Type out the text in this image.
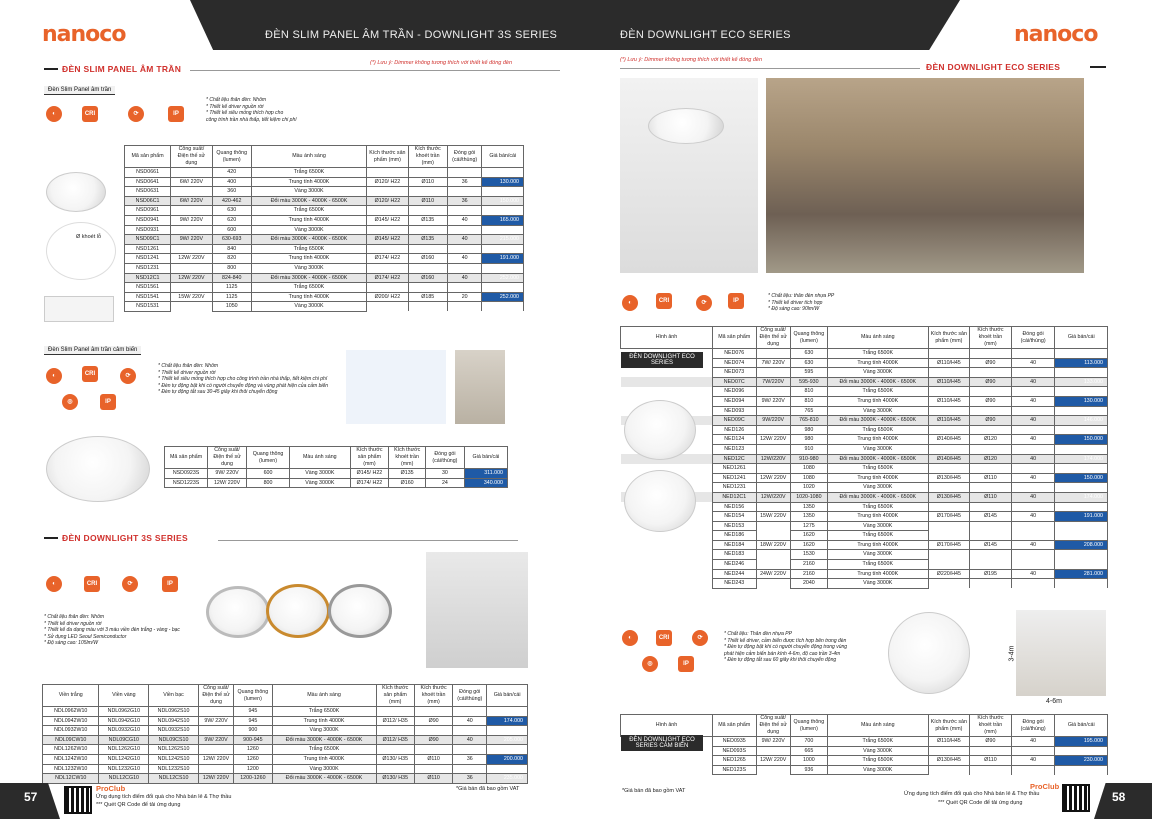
nanoco	nanoco
ĐÈN SLIM PANEL ÂM TRẦN - DOWNLIGHT 3S SERIES	ĐÈN DOWNLIGHT ECO SERIES
ĐÈN SLIM PANEL ÂM TRẦN
(*) Lưu ý: Dimmer không tương thích với thiết kế đóng đèn
Đèn Slim Panel âm trần
◐	CRI	⟳	IP
* Chất liệu thân đèn: Nhôm
* Thiết kế driver nguồn rời
* Thiết kế siêu mỏng thích hợp cho
công trình trần nhà thấp, tiết kiệm chi phí
Ø khoét lỗ
Mã sản phẩm	Công suất/ Điện thế sử dụng	Quang thông (lumen)	Màu ánh sáng	Kích thước sản phẩm (mm)	Kích thước khoét trần (mm)	Đóng gói (cái/thùng)	Giá bán/cái
NSD0661		420	Trắng 6500K				
NSD0641	6W/ 220V	400	Trung tính 4000K	Ø120/ H22	Ø110	36	130.000
NSD0631		360	Vàng 3000K				
NSD06C1	6W/ 220V	420-462	Đổi màu 3000K - 4000K - 6500K	Ø120/ H22	Ø110	36	150.000
NSD0961		630	Trắng 6500K				
NSD0941	9W/ 220V	620	Trung tính 4000K	Ø145/ H22	Ø135	40	165.000
NSD0931		600	Vàng 3000K				
NSD09C1	9W/ 220V	630-693	Đổi màu 3000K - 4000K - 6500K	Ø145/ H22	Ø135	40	215.000
NSD1261		840	Trắng 6500K				
NSD1241	12W/ 220V	820	Trung tính 4000K	Ø174/ H22	Ø160	40	191.000
NSD1231		800	Vàng 3000K				
NSD12C1	12W/ 220V	824-840	Đổi màu 3000K - 4000K - 6500K	Ø174/ H22	Ø160	40	252.000
NSD1561		1125	Trắng 6500K				
NSD1541	15W/ 220V	1125	Trung tính 4000K	Ø200/ H22	Ø185	20	252.000
NSD1531		1050	Vàng 3000K				
Đèn Slim Panel âm trần cảm biến
◐	CRI	⟳
◎	IP
* Chất liệu thân đèn: Nhôm
* Thiết kế driver nguồn rời
* Thiết kế siêu mỏng thích hợp cho công trình trần nhà thấp, tiết kiệm chi phí
* Đèn tự động bật khi có người chuyển động và vùng phát hiện của cảm biến
* Đèn tự động tắt sau 30-45 giây khi thôi chuyển động
Mã sản phẩm	Công suất/ Điện thế sử dụng	Quang thông (lumen)	Màu ánh sáng	Kích thước sản phẩm (mm)	Kích thước khoét trần (mm)	Đóng gói (cái/thùng)	Giá bán/cái
NSD0923S	9W/ 220V	600	Vàng 3000K	Ø145/ H22	Ø135	30	311.000
NSD1223S	12W/ 220V	800	Vàng 3000K	Ø174/ H22	Ø160	24	340.000
ĐÈN DOWNLIGHT 3S SERIES
◐	CRI	⟳	IP
* Chất liệu thân đèn: Nhôm
* Thiết kế driver nguồn rời
* Thiết kế đa dạng màu với 3 màu viền đèn trắng - vàng - bạc
* Sử dụng LED Seoul Semiconductor
* Độ sáng cao: 105lm/W
Viền trắng	Viền vàng	Viền bạc	Công suất/ Điện thế sử dụng	Quang thông (lumen)	Màu ánh sáng	Kích thước sản phẩm (mm)	Kích thước khoét trần (mm)	Đóng gói (cái/thùng)	Giá bán/cái
NDL0962W10	NDL0962G10	NDL0962S10		945	Trắng 6500K				
NDL0942W10	NDL0942G10	NDL0942S10	9W/ 220V	945	Trung tính 4000K	Ø112/ H35	Ø90	40	174.000
NDL0932W10	NDL0932G10	NDL0932S10		900	Vàng 3000K				
NDL09CW10	NDL09CG10	NDL09CS10	9W/ 220V	900-945	Đổi màu 3000K - 4000K - 6500K	Ø112/ H35	Ø90	40	205.000
NDL1262W10	NDL1262G10	NDL1262S10		1260	Trắng 6500K				
NDL1242W10	NDL1242G10	NDL1242S10	12W/ 220V	1260	Trung tính 4000K	Ø130/ H35	Ø110	36	200.000
NDL1232W10	NDL1232G10	NDL1232S10		1200	Vàng 3000K				
NDL12CW10	NDL12CG10	NDL12CS10	12W/ 220V	1200-1260	Đổi màu 3000K - 4000K - 6500K	Ø130/ H35	Ø110	36	235.000
*Giá bán đã bao gồm VAT
57
ProClub
Ứng dụng tích điểm đổi quà cho Nhà bán lẻ & Thợ thầu
*** Quét QR Code để tải ứng dụng
(*) Lưu ý: Dimmer không tương thích với thiết kế đóng đèn
ĐÈN DOWNLIGHT ECO SERIES
◐	CRI	⟳	IP
* Chất liệu: thân đèn nhựa PP
* Thiết kế driver tích hợp
* Độ sáng cao: 90lm/W
Hình ảnh	Mã sản phẩm	Công suất/ Điện thế sử dụng	Quang thông (lumen)	Màu ánh sáng	Kích thước sản phẩm (mm)	Kích thước khoét trần (mm)	Đóng gói (cái/thùng)	Giá bán/cái
	NED076		630	Trắng 6500K				
	NED074	7W/ 220V	630	Trung tính 4000K	Ø110/H45	Ø90	40	113.000
	NED073		595	Vàng 3000K				
	NED07C	7W/220V	595-930	Đổi màu 3000K - 4000K - 6500K	Ø110/H45	Ø90	40	133.000
	NED096		810	Trắng 6500K				
	NED094	9W/ 220V	810	Trung tính 4000K	Ø110/H45	Ø90	40	130.000
	NED093		765	Vàng 3000K				
	NED09C	9W/220V	765-810	Đổi màu 3000K - 4000K - 6500K	Ø110/H45	Ø90	40	146.000
	NED126		980	Trắng 6500K				
	NED124	12W/ 220V	980	Trung tính 4000K	Ø140/H45	Ø120	40	150.000
	NED123		910	Vàng 3000K				
	NED12C	12W/220V	910-980	Đổi màu 3000K - 4000K - 6500K	Ø140/H45	Ø120	40	174.000
	NED1261		1080	Trắng 6500K				
	NED1241	12W/ 220V	1080	Trung tính 4000K	Ø130/H45	Ø110	40	150.000
	NED1231		1020	Vàng 3000K				
	NED12C1	12W/220V	1020-1080	Đổi màu 3000K - 4000K - 6500K	Ø130/H45	Ø110	40	174.000
	NED156		1350	Trắng 6500K				
	NED154	15W/ 220V	1350	Trung tính 4000K	Ø170/H45	Ø145	40	191.000
	NED153		1275	Vàng 3000K				
	NED186		1620	Trắng 6500K				
	NED184	18W/ 220V	1620	Trung tính 4000K	Ø170/H45	Ø145	40	208.000
	NED183		1530	Vàng 3000K				
	NED246		2160	Trắng 6500K				
	NED244	24W/ 220V	2160	Trung tính 4000K	Ø220/H45	Ø195	40	281.000
	NED243		2040	Vàng 3000K				
ĐÈN DOWNLIGHT ECO SERIES
◐	CRI	⟳
◎	IP
* Chất liệu: Thân đèn nhựa PP
* Thiết kế driver, cảm biến được tích hợp bên trong đèn
* Đèn tự động bật khi có người chuyển động trong vùng
phát hiện cảm biến bán kính 4-6m, độ cao trần 3-4m
* Đèn tự động tắt sau 60 giây khi thôi chuyển động	3-4m
4-6m
Hình ảnh	Mã sản phẩm	Công suất/ Điện thế sử dụng	Quang thông (lumen)	Màu ánh sáng	Kích thước sản phẩm (mm)	Kích thước khoét trần (mm)	Đóng gói (cái/thùng)	Giá bán/cái
	NED0935	9W/ 220V	700	Trắng 6500K	Ø110/H45	Ø90	40	195.000
	NED093S		665	Vàng 3000K				
	NED1265	12W/ 220V	1000	Trắng 6500K	Ø130/H45	Ø110	40	230.000
	NED123S		936	Vàng 3000K				
ĐÈN DOWNLIGHT ECO SERIES CẢM BIẾN
*Giá bán đã bao gồm VAT	ProClub
Ứng dụng tích điểm đổi quà cho Nhà bán lẻ & Thợ thầu
*** Quét QR Code để tải ứng dụng	58
